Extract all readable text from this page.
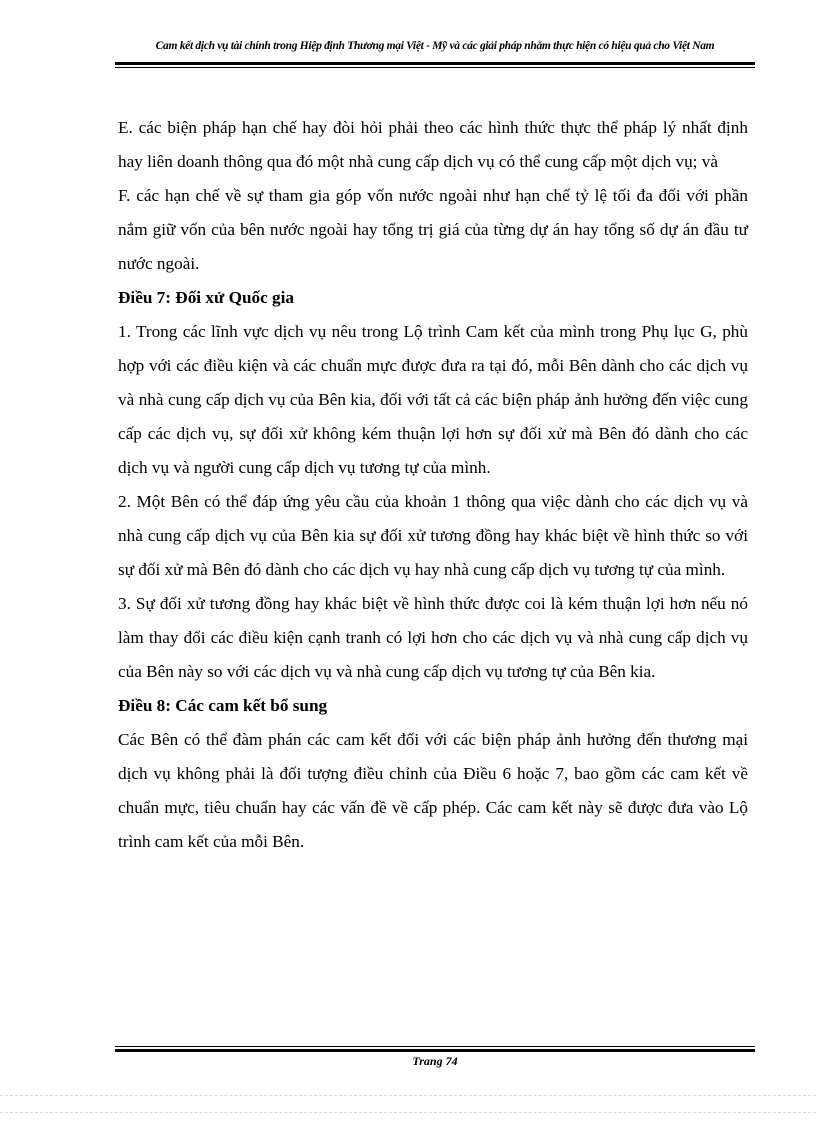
Cam kết dịch vụ tài chính trong Hiệp định Thương mại Việt - Mỹ và các giải pháp nhằm thực hiện có hiệu quả cho Việt Nam

E. các biện pháp hạn chế hay đòi hỏi phải theo các hình thức thực thể pháp lý nhất định hay liên doanh thông qua đó một nhà cung cấp dịch vụ có thể cung cấp một dịch vụ; và

F. các hạn chế về sự tham gia góp vốn nước ngoài như hạn chế tỷ lệ tối đa đối với phần nắm giữ vốn của bên nước ngoài hay tổng trị giá của từng dự án hay tổng số dự án đầu tư nước ngoài.

Điều 7: Đối xử Quốc gia

1. Trong các lĩnh vực dịch vụ nêu trong Lộ trình Cam kết của mình trong Phụ lục G, phù hợp với các điều kiện và các chuẩn mực được đưa ra tại đó, mỗi Bên dành cho các dịch vụ và nhà cung cấp dịch vụ của Bên kia, đối với tất cả các biện pháp ảnh hưởng đến việc cung cấp các dịch vụ, sự đối xử không kém thuận lợi hơn sự đối xử mà Bên đó dành cho các dịch vụ và người cung cấp dịch vụ tương tự của mình.

2. Một Bên có thể đáp ứng yêu cầu của khoản 1 thông qua việc dành cho các dịch vụ và nhà cung cấp dịch vụ của Bên kia sự đối xử tương đồng hay khác biệt về hình thức so với sự đối xử mà Bên đó dành cho các dịch vụ hay nhà cung cấp dịch vụ tương tự của mình.

3. Sự đối xử tương đồng hay khác biệt về hình thức được coi là kém thuận lợi hơn nếu nó làm thay đổi các điều kiện cạnh tranh có lợi hơn cho các dịch vụ và nhà cung cấp dịch vụ của Bên này so với các dịch vụ và nhà cung cấp dịch vụ tương tự của Bên kia.

Điều 8: Các cam kết bổ sung

Các Bên có thể đàm phán các cam kết đối với các biện pháp ảnh hưởng đến thương mại dịch vụ không phải là đối tượng điều chỉnh của Điều 6 hoặc 7, bao gồm các cam kết về chuẩn mực, tiêu chuẩn hay các vấn đề về cấp phép. Các cam kết này sẽ được đưa vào Lộ trình cam kết của mỗi Bên.

Trang 74
